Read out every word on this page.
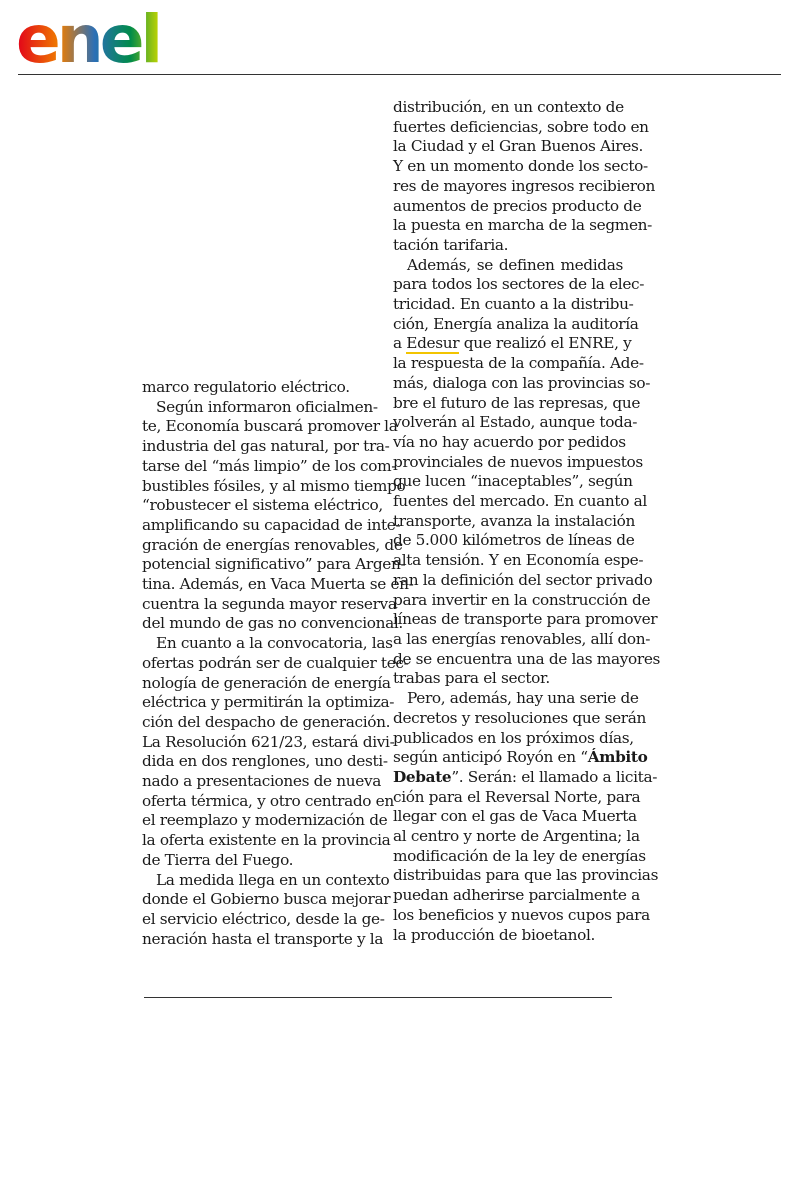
enel
marco regulatorio eléctrico.
Según informaron oficialmen-
te, Economía buscará promover la
industria del gas natural, por tra-
tarse del “más limpio” de los com-
bustibles fósiles, y al mismo tiempo
“robustecer el sistema eléctrico,
amplificando su capacidad de inte-
gración de energías renovables, de
potencial significativo” para Argen-
tina. Además, en Vaca Muerta se en-
cuentra la segunda mayor reserva
del mundo de gas no convencional.
En cuanto a la convocatoria, las
ofertas podrán ser de cualquier tec-
nología de generación de energía
eléctrica y permitirán la optimiza-
ción del despacho de generación.
La Resolución 621/23, estará divi-
dida en dos renglones, uno desti-
nado a presentaciones de nueva
oferta térmica, y otro centrado en
el reemplazo y modernización de
la oferta existente en la provincia
de Tierra del Fuego.
La medida llega en un contexto
donde el Gobierno busca mejorar
el servicio eléctrico, desde la ge-
neración hasta el transporte y la
distribución, en un contexto de
fuertes deficiencias, sobre todo en
la Ciudad y el Gran Buenos Aires.
Y en un momento donde los secto-
res de mayores ingresos recibieron
aumentos de precios producto de
la puesta en marcha de la segmen-
tación tarifaria.
Además, se definen medidas
para todos los sectores de la elec-
tricidad. En cuanto a la distribu-
ción, Energía analiza la auditoría
a Edesur que realizó el ENRE, y
la respuesta de la compañía. Ade-
más, dialoga con las provincias so-
bre el futuro de las represas, que
volverán al Estado, aunque toda-
vía no hay acuerdo por pedidos
provinciales de nuevos impuestos
que lucen “inaceptables”, según
fuentes del mercado. En cuanto al
transporte, avanza la instalación
de 5.000 kilómetros de líneas de
alta tensión. Y en Economía espe-
ran la definición del sector privado
para invertir en la construcción de
líneas de transporte para promover
a las energías renovables, allí don-
de se encuentra una de las mayores
trabas para el sector.
Pero, además, hay una serie de
decretos y resoluciones que serán
publicados en los próximos días,
según anticipó Royón en “Ámbito
Debate”. Serán: el llamado a licita-
ción para el Reversal Norte, para
llegar con el gas de Vaca Muerta
al centro y norte de Argentina; la
modificación de la ley de energías
distribuidas para que las provincias
puedan adherirse parcialmente a
los beneficios y nuevos cupos para
la producción de bioetanol.
